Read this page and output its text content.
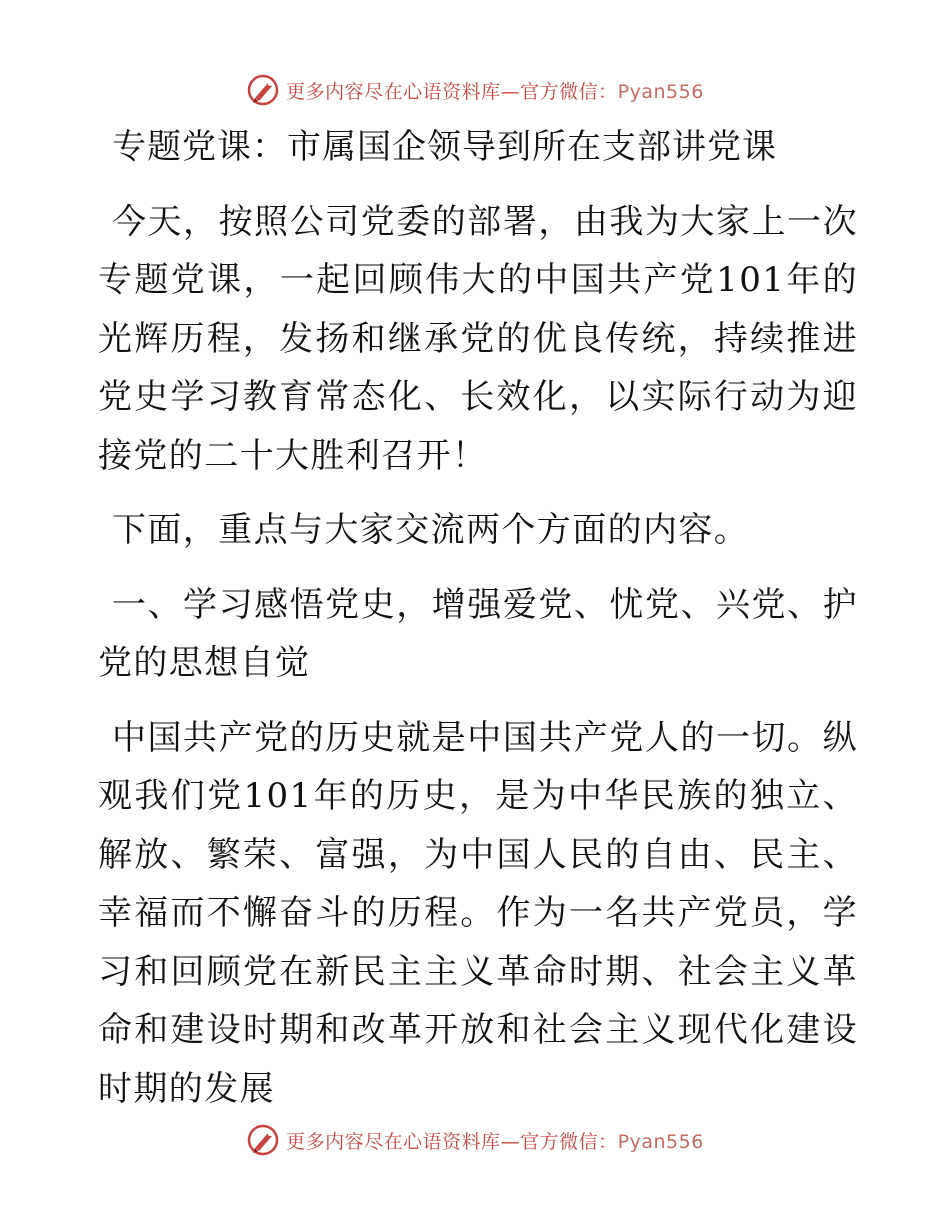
更多内容尽在心语资料库—官方微信：Pyan556

专题党课：市属国企领导到所在支部讲党课

今天，按照公司党委的部署，由我为大家上一次专题党课，一起回顾伟大的中国共产党101年的光辉历程，发扬和继承党的优良传统，持续推进党史学习教育常态化、长效化，以实际行动为迎接党的二十大胜利召开！

下面，重点与大家交流两个方面的内容。

一、学习感悟党史，增强爱党、忧党、兴党、护党的思想自觉

中国共产党的历史就是中国共产党人的一切。纵观我们党101年的历史，是为中华民族的独立、解放、繁荣、富强，为中国人民的自由、民主、幸福而不懈奋斗的历程。作为一名共产党员，学习和回顾党在新民主主义革命时期、社会主义革命和建设时期和改革开放和社会主义现代化建设时期的发展

更多内容尽在心语资料库—官方微信：Pyan556
